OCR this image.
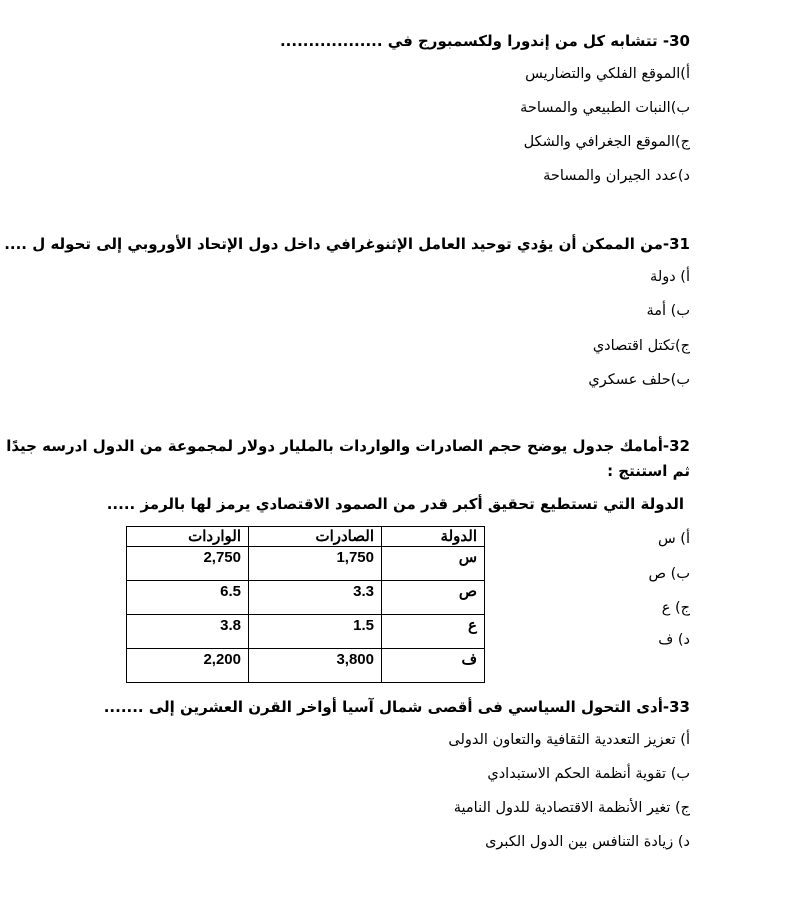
30- تتشابه كل من إندورا ولكسمبورج في ..................
أ)الموقع الفلكي والتضاريس
ب)النبات الطبيعي والمساحة
ج)الموقع الجغرافي والشكل
د)عدد الجيران والمساحة
31-من الممكن أن يؤدي توحيد العامل الإثنوغرافي داخل دول الإتحاد الأوروبي إلى تحوله ل ....
أ) دولة
ب) أمة
ج)تكتل اقتصادي
ب)حلف عسكري
32-أمامك جدول يوضح حجم الصادرات والواردات بالمليار دولار لمجموعة من الدول ادرسه جيدًا
ثم استنتج :
الدولة التي تستطيع تحقيق أكبر قدر من الصمود الاقتصادي يرمز لها بالرمز .....
أ) س
ب) ص
ج) ع
د) ف
الدولة	الصادرات	الواردات
س	1,750	2,750
ص	3.3	6.5
ع	1.5	3.8
ف	3,800	2,200
33-أدى التحول السياسي فى أقصى شمال آسيا أواخر القرن العشرين إلى .......
أ) تعزيز التعددية الثقافية والتعاون الدولى
ب) تقوية أنظمة الحكم الاستبدادي
ج) تغير الأنظمة الاقتصادية للدول النامية
د) زيادة التنافس بين الدول الكبرى
